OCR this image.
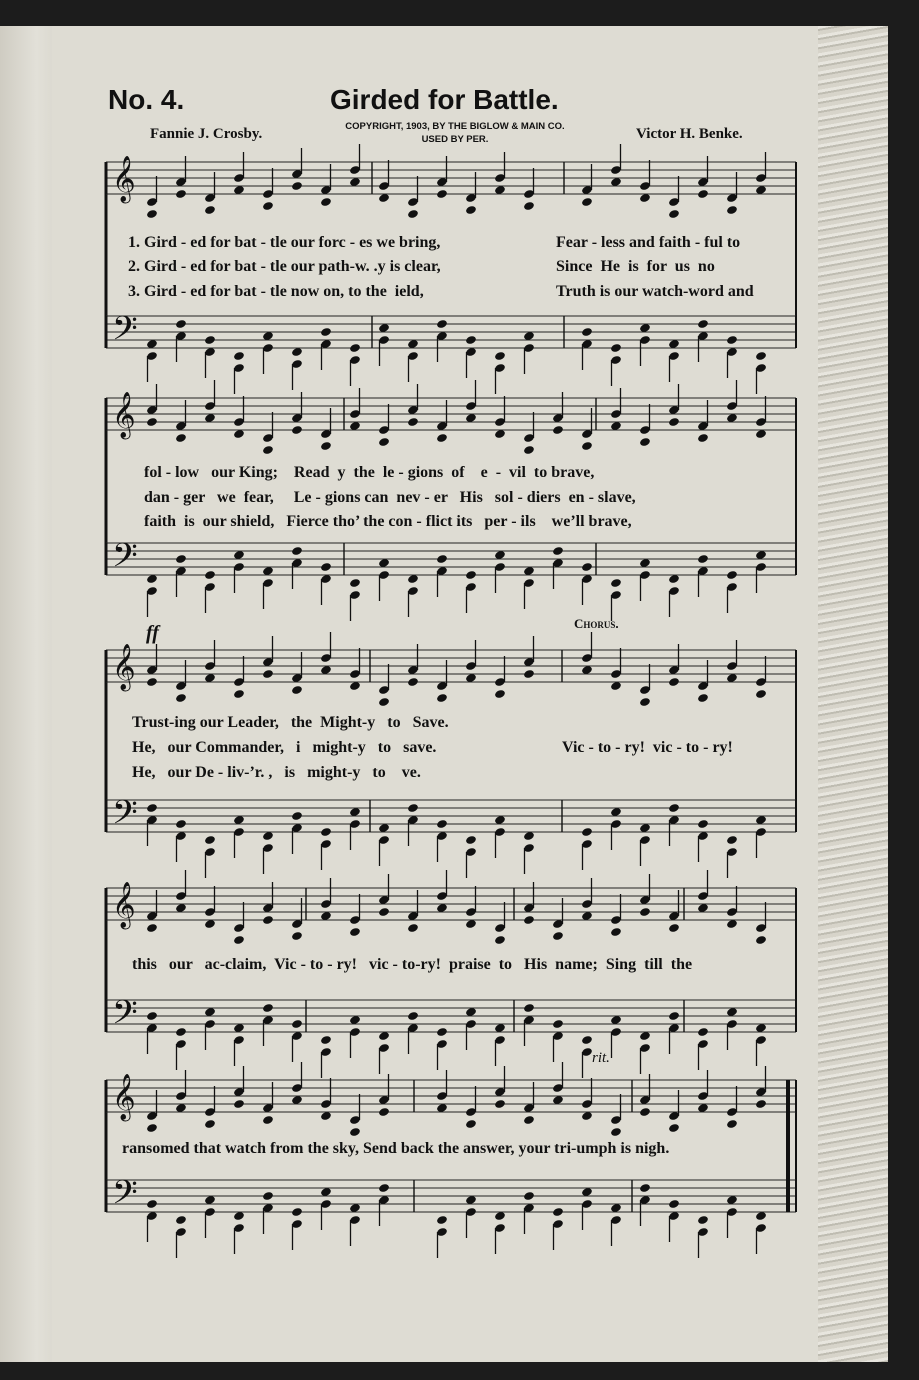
No. 4.	Girded for Battle.
Fannie J. Crosby.	COPYRIGHT, 1903, BY THE BIGLOW & MAIN CO.
USED BY PER.	Victor H. Benke.
𝄞
𝄢
𝄞
𝄢
𝄞
𝄢
𝄞
𝄢
𝄞
𝄢
1. Gird - ed for bat - tle our forc - es we bring,
2. Gird - ed for bat - tle our path-w. .y is clear,
3. Gird - ed for bat - tle now on, to the  ield,
Fear - less and faith - ful to
Since  He  is  for  us  no
Truth is our watch-word and
fol - low   our King;    Read  y  the  le - gions  of    e  -  vil  to brave,
dan - ger   we  fear,     Le - gions can  nev - er   His   sol - diers  en - slave,
faith  is  our shield,   Fierce tho’ the con - flict its   per - ils    we’ll brave,
ff	Chorus.
Trust-ing our Leader,   the  Might-y   to   Save.
He,   our Commander,   i   might-y   to   save.
He,   our De - liv-’r. ,   is   might-y   to    ve.
Vic - to - ry!  vic - to - ry!
this   our   ac-claim,  Vic - to - ry!   vic - to-ry!  praise  to   His  name;  Sing  till  the
rit.
ransomed that watch from the sky, Send back the answer, your tri-umph is nigh.
